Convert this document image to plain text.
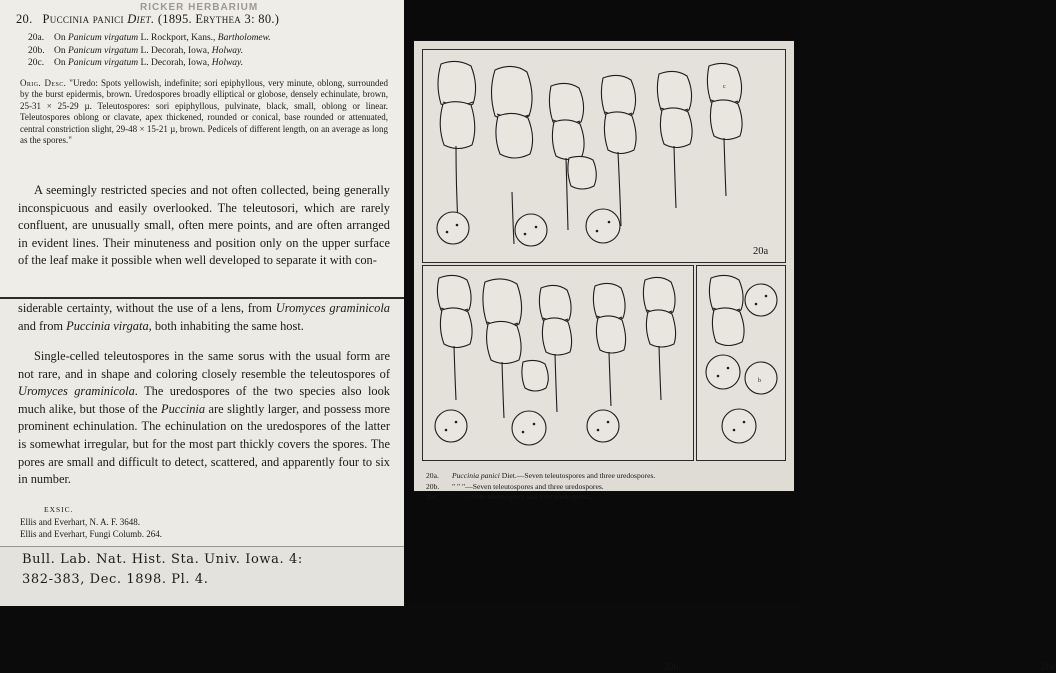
RICKER HERBARIUM
20. Puccinia panici Diet. (1895. Erythea 3: 80.)
20a. On Panicum virgatum L. Rockport, Kans., Bartholomew.
20b. On Panicum virgatum L. Decorah, Iowa, Holway.
20c. On Panicum virgatum L. Decorah, Iowa, Holway.
Orig. Desc. "Uredo: Spots yellowish, indefinite; sori epiphyllous, very minute, oblong, surrounded by the burst epidermis, brown. Uredospores broadly elliptical or globose, densely echinulate, brown, 25-31 × 25-29 µ. Teleutospores: sori epiphyllous, pulvinate, black, small, oblong or linear. Teleutospores oblong or clavate, apex thickened, rounded or conical, base rounded or attenuated, central constriction slight, 29-48 × 15-21 µ, brown. Pedicels of different length, on an average as long as the spores."
A seemingly restricted species and not often collected, being generally inconspicuous and easily overlooked. The teleutosori, which are rarely confluent, are unusually small, often mere points, and are often arranged in evident lines. Their minuteness and position only on the upper surface of the leaf make it possible when well developed to separate it with con-
siderable certainty, without the use of a lens, from Uromyces graminicola and from Puccinia virgata, both inhabiting the same host.
Single-celled teleutospores in the same sorus with the usual form are not rare, and in shape and coloring closely resemble the teleutospores of Uromyces graminicola. The uredospores of the two species also look much alike, but those of the Puccinia are slightly larger, and possess more prominent echinulation. The echinulation on the uredospores of the latter is somewhat irregular, but for the most part thickly covers the spores. The pores are small and difficult to detect, scattered, and apparently four to six in number.
EXSIC.
Ellis and Everhart, N. A. F. 3648.
Ellis and Everhart, Fungi Columb. 264.
Bull. Lab. Nat. Hist. Sta. Univ. Iowa. 4:
382-383, Dec. 1898. Pl. 4.
c
20a
20b
b
20c
20a. Puccinia panici Diet.—Seven teleutospores and three uredospores.
20b. " " "—Seven teleutospores and three uredospores.
20c. " " "—One teleutospore and four uredospores.
